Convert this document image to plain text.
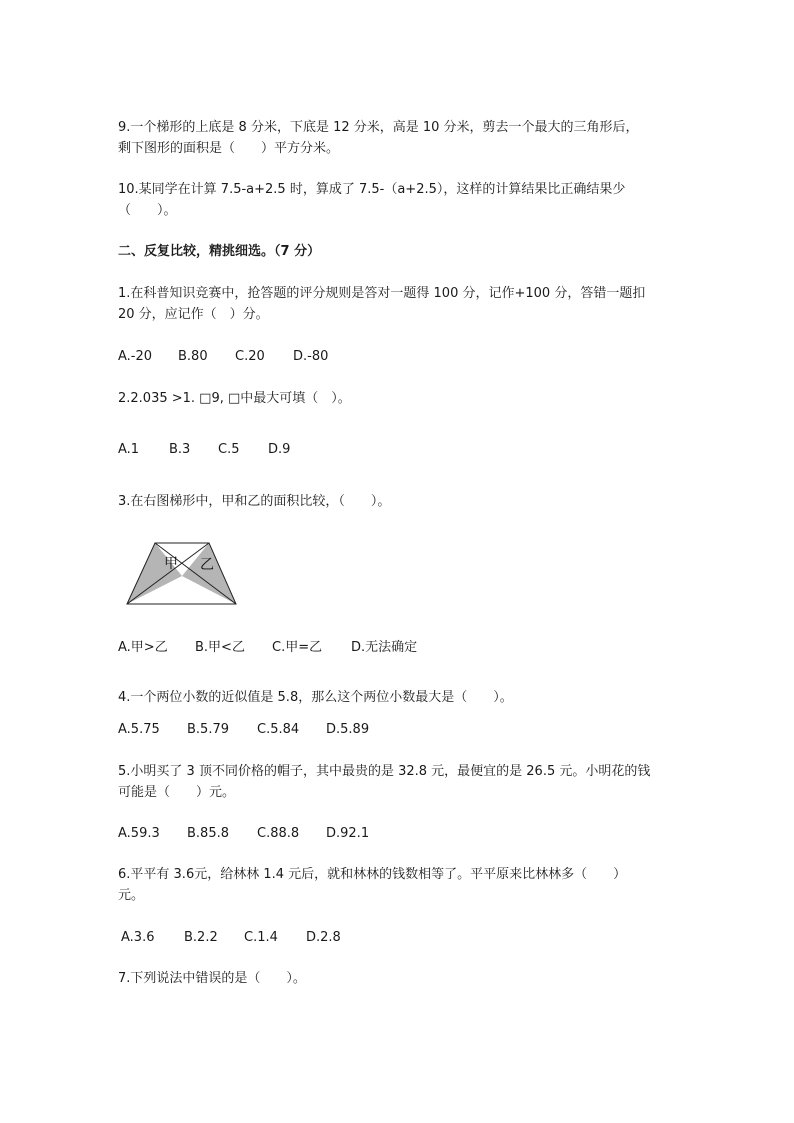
9.一个梯形的上底是 8 分米，下底是 12 分米，高是 10 分米，剪去一个最大的三角形后，
剩下图形的面积是（　　）平方分米。
10.某同学在计算 7.5-a+2.5 时，算成了 7.5-（a+2.5），这样的计算结果比正确结果少
（　　）。
二、反复比较，精挑细选。（7 分）
1.在科普知识竞赛中，抢答题的评分规则是答对一题得 100 分，记作+100 分，答错一题扣
20 分，应记作（　）分。
A.-20 B.80 C.20 D.-80
2.2.035 >1. □9, □中最大可填（　）。
A.1 B.3 C.5 D.9
3.在右图梯形中，甲和乙的面积比较，（　　）。
甲 乙
A.甲>乙 B.甲<乙 C.甲=乙 D.无法确定
4.一个两位小数的近似值是 5.8，那么这个两位小数最大是（　　）。
A.5.75 B.5.79 C.5.84 D.5.89
5.小明买了 3 顶不同价格的帽子，其中最贵的是 32.8 元，最便宜的是 26.5 元。小明花的钱
可能是（　　）元。
A.59.3 B.85.8 C.88.8 D.92.1
6.平平有 3.6元，给林林 1.4 元后，就和林林的钱数相等了。平平原来比林林多（　　）
元。
A.3.6 B.2.2 C.1.4 D.2.8
7.下列说法中错误的是（　　）。
